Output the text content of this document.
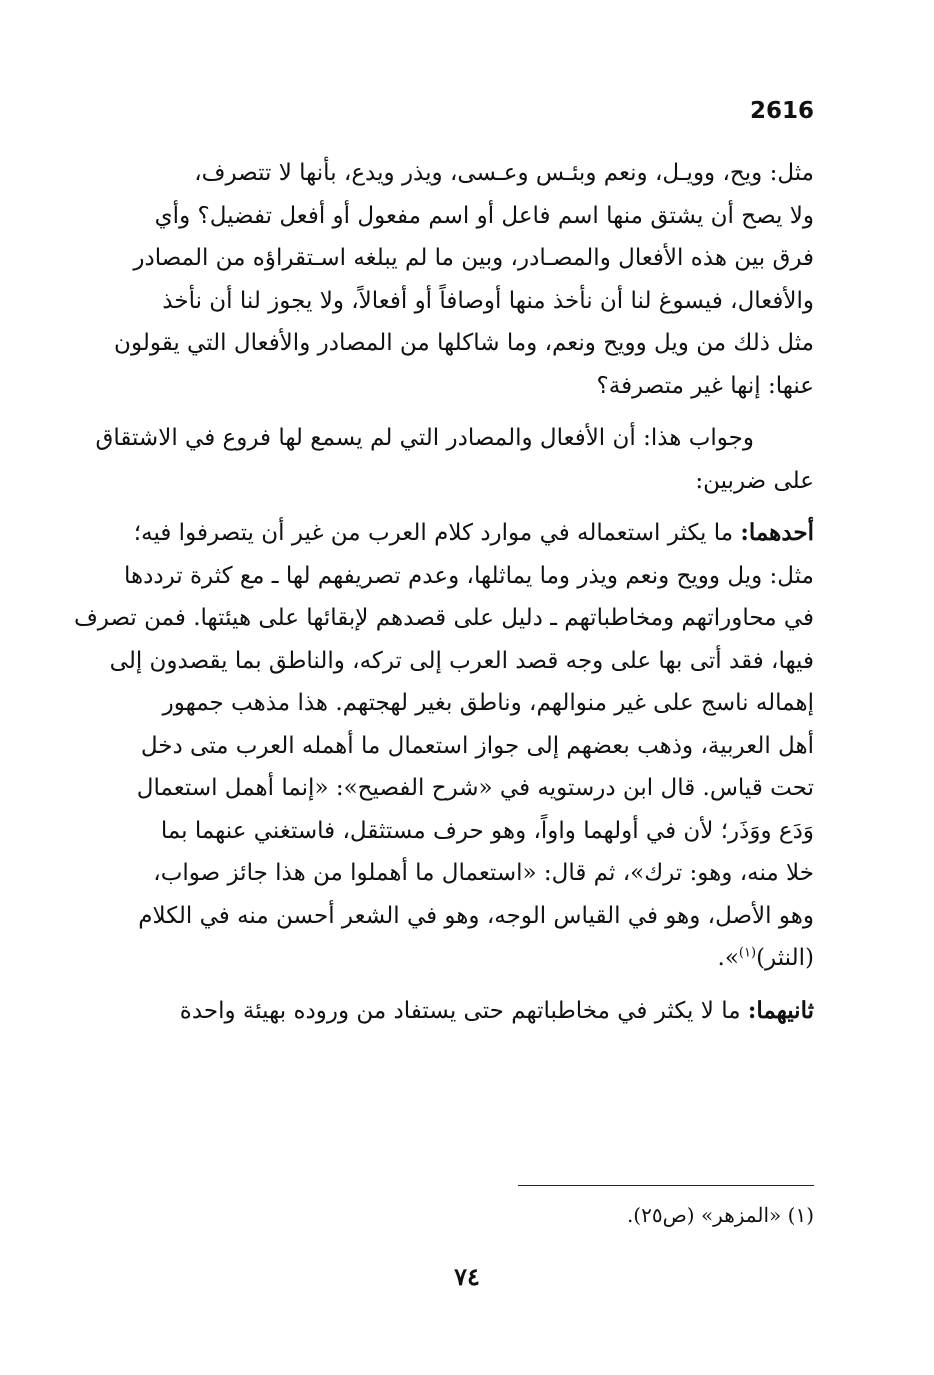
2616

مثل: ويح، وويـل، ونعم وبئـس وعـسى، ويذر ويدع، بأنها لا تتصرف،
ولا يصح أن يشتق منها اسم فاعل أو اسم مفعول أو أفعل تفضيل؟ وأي
فرق بين هذه الأفعال والمصـادر، وبين ما لم يبلغه اسـتقراؤه من المصادر
والأفعال، فيسوغ لنا أن نأخذ منها أوصافاً أو أفعالاً، ولا يجوز لنا أن نأخذ
مثل ذلك من ويل وويح ونعم، وما شاكلها من المصادر والأفعال التي يقولون
عنها: إنها غير متصرفة؟

وجواب هذا: أن الأفعال والمصادر التي لم يسمع لها فروع في الاشتقاق
على ضربين:

أحدهما: ما يكثر استعماله في موارد كلام العرب من غير أن يتصرفوا فيه؛
مثل: ويل وويح ونعم ويذر وما يماثلها، وعدم تصريفهم لها ـ مع كثرة ترددها
في محاوراتهم ومخاطباتهم ـ دليل على قصدهم لإبقائها على هيئتها. فمن تصرف
فيها، فقد أتى بها على وجه قصد العرب إلى تركه، والناطق بما يقصدون إلى
إهماله ناسج على غير منوالهم، وناطق بغير لهجتهم. هذا مذهب جمهور
أهل العربية، وذهب بعضهم إلى جواز استعمال ما أهمله العرب متى دخل
تحت قياس. قال ابن درستويه في «شرح الفصيح»: «إنما أهمل استعمال
وَدَع ووَذَر؛ لأن في أولهما واواً، وهو حرف مستثقل، فاستغني عنهما بما
خلا منه، وهو: ترك»، ثم قال: «استعمال ما أهملوا من هذا جائز صواب،
وهو الأصل، وهو في القياس الوجه، وهو في الشعر أحسن منه في الكلام
(النثر)$^{(١)}$».

ثانيهما: ما لا يكثر في مخاطباتهم حتى يستفاد من وروده بهيئة واحدة

(١) «المزهر» (ص٢٥).
٧٤
